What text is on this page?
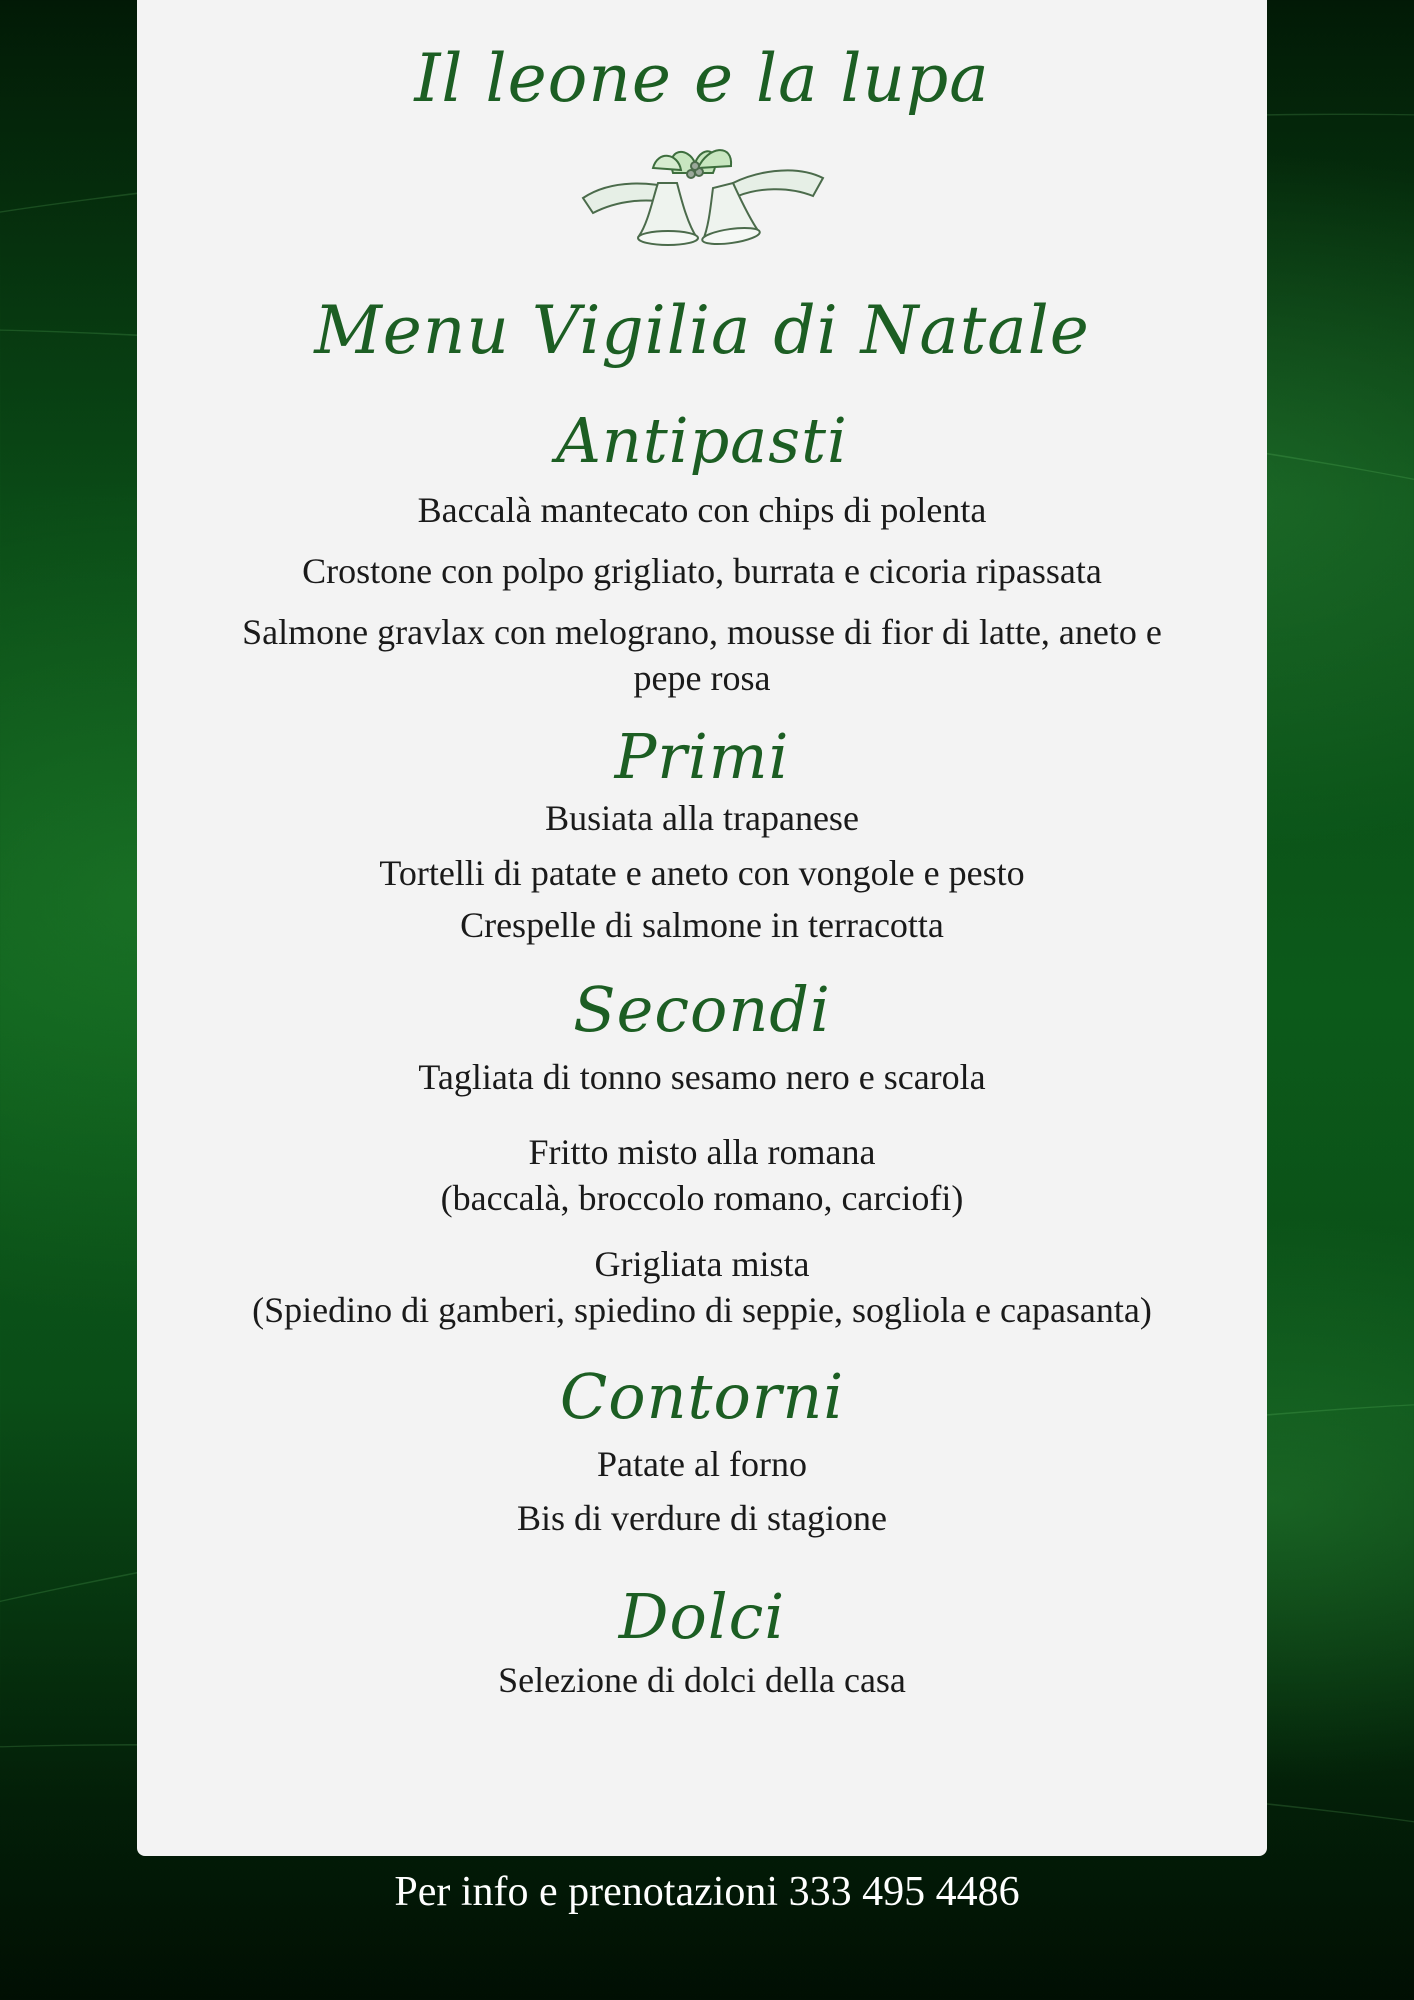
Il leone e la lupa
Menu Vigilia di Natale
Antipasti
Baccalà mantecato con chips di polenta
Crostone con polpo grigliato, burrata e cicoria ripassata
Salmone gravlax con melograno, mousse di fior di latte, aneto e
pepe rosa
Primi
Busiata alla trapanese
Tortelli di patate e aneto con vongole e pesto
Crespelle di salmone in terracotta
Secondi
Tagliata di tonno sesamo nero e scarola
Fritto misto alla romana
(baccalà, broccolo romano, carciofi)
Grigliata mista
(Spiedino di gamberi, spiedino di seppie, sogliola e capasanta)
Contorni
Patate al forno
Bis di verdure di stagione
Dolci
Selezione di dolci della casa
Per info e prenotazioni 333 495 4486
